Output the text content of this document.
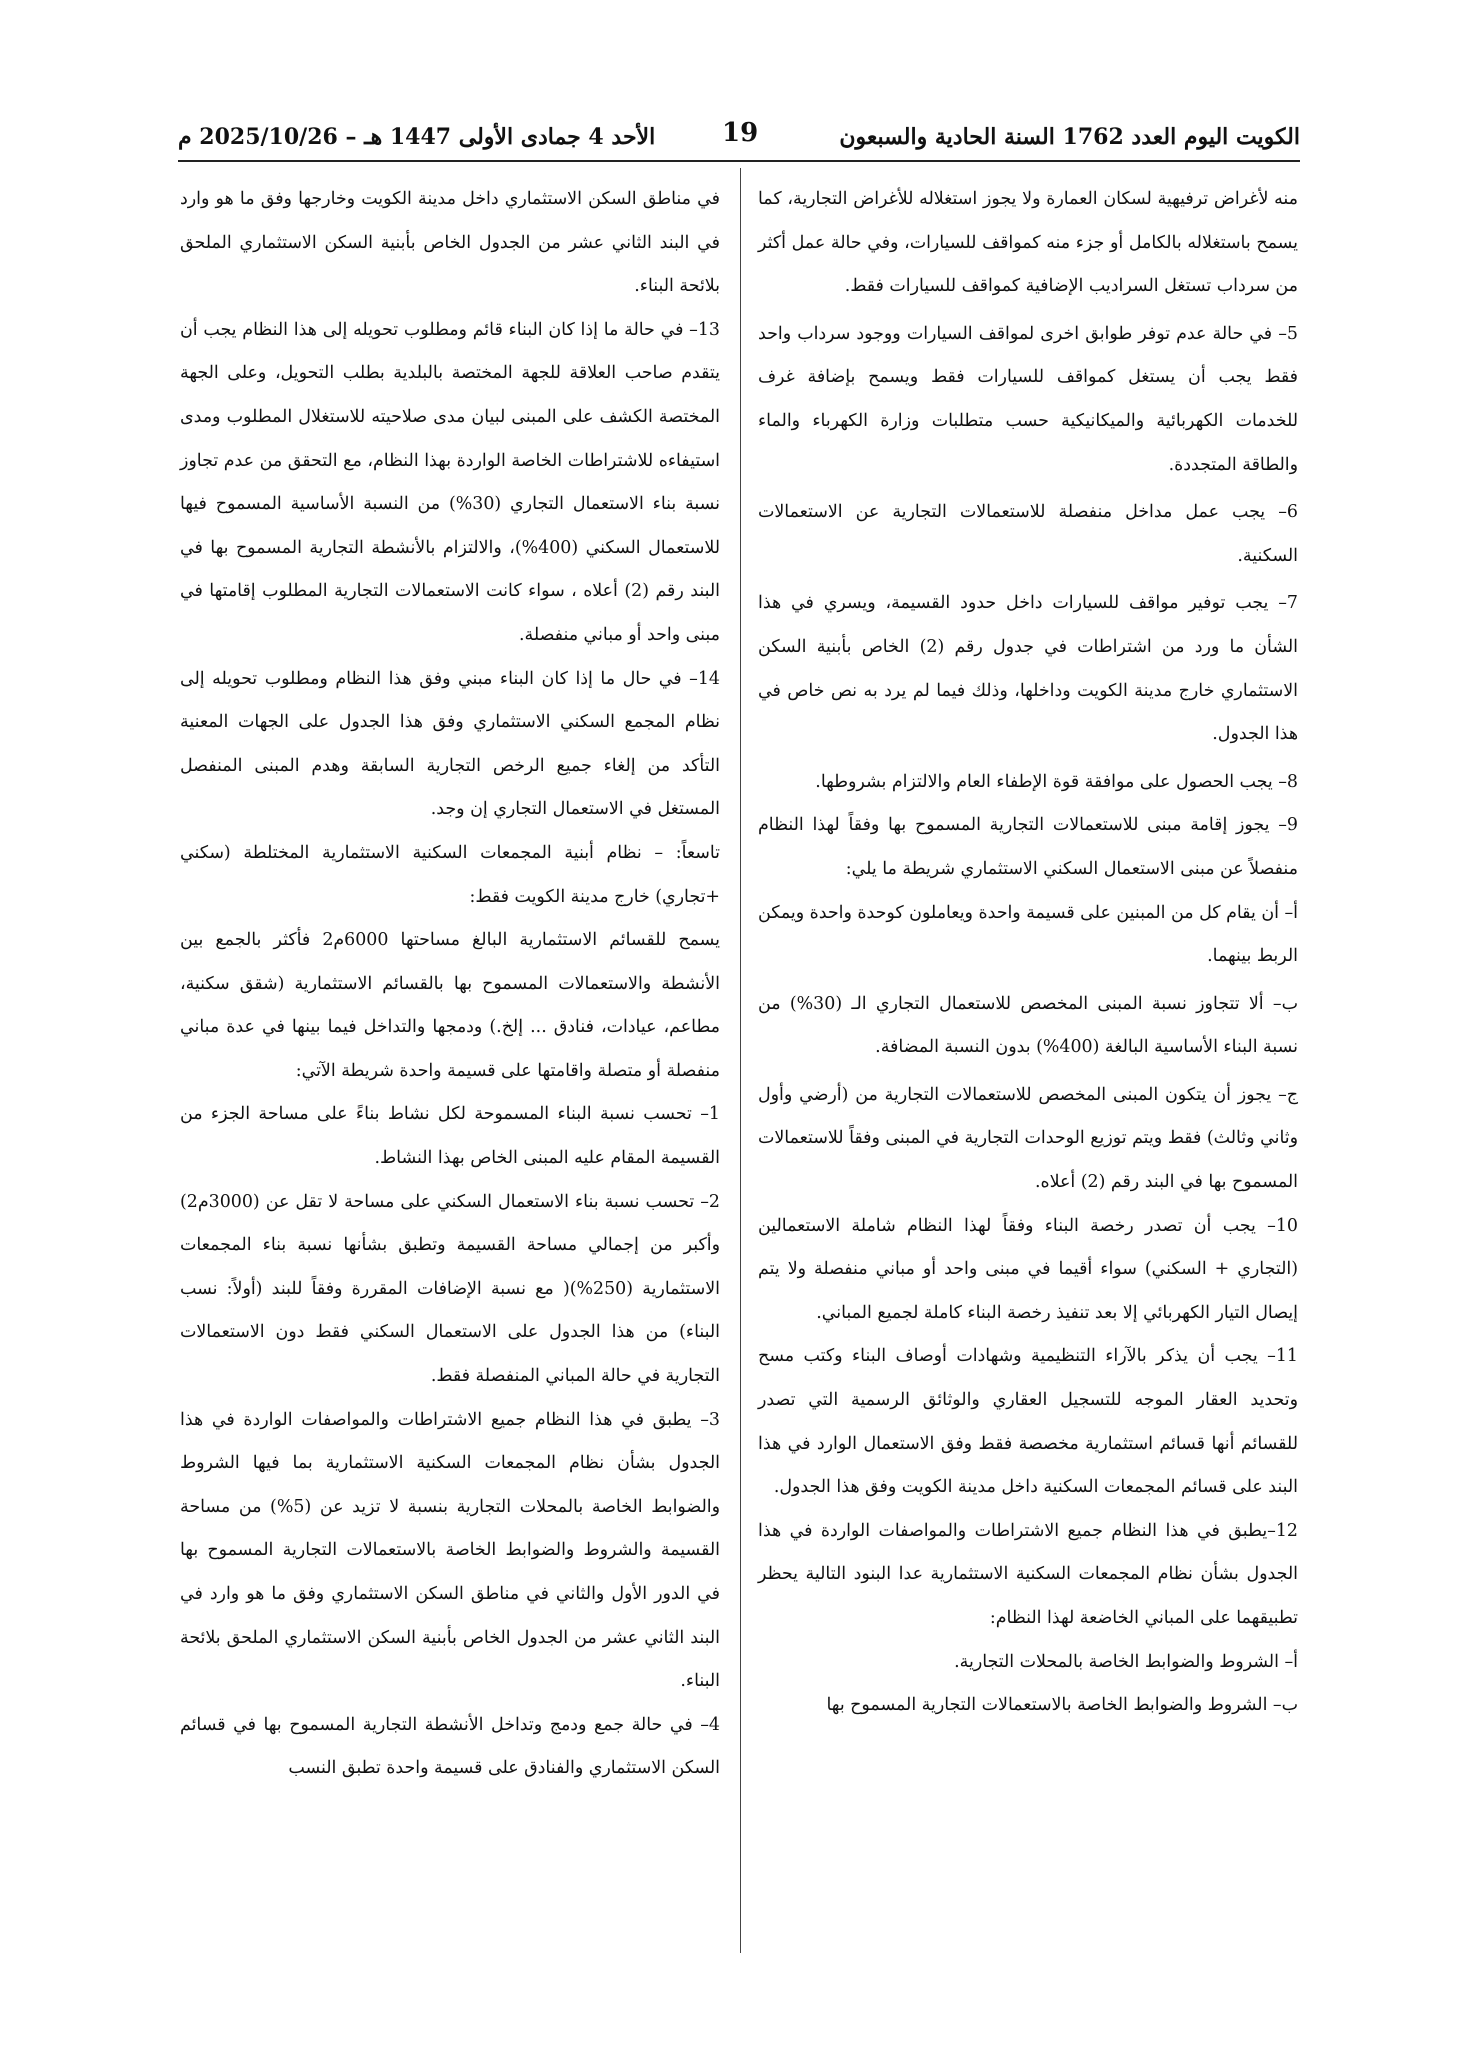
الكويت اليوم العدد 1762 السنة الحادية والسبعون
19
الأحد 4 جمادى الأولى 1447 هـ – 2025/10/26 م

منه لأغراض ترفيهية لسكان العمارة ولا يجوز استغلاله للأغراض التجارية، كما يسمح باستغلاله بالكامل أو جزء منه كمواقف للسيارات، وفي حالة عمل أكثر من سرداب تستغل السراديب الإضافية كمواقف للسيارات فقط.

5– في حالة عدم توفر طوابق اخرى لمواقف السيارات ووجود سرداب واحد فقط يجب أن يستغل كمواقف للسيارات فقط ويسمح بإضافة غرف للخدمات الكهربائية والميكانيكية حسب متطلبات وزارة الكهرباء والماء والطاقة المتجددة.

6– يجب عمل مداخل منفصلة للاستعمالات التجارية عن الاستعمالات السكنية.

7– يجب توفير مواقف للسيارات داخل حدود القسيمة، ويسري في هذا الشأن ما ورد من اشتراطات في جدول رقم (2) الخاص بأبنية السكن الاستثماري خارج مدينة الكويت وداخلها، وذلك فيما لم يرد به نص خاص في هذا الجدول.

8– يجب الحصول على موافقة قوة الإطفاء العام والالتزام بشروطها.

9– يجوز إقامة مبنى للاستعمالات التجارية المسموح بها وفقاً لهذا النظام منفصلاً عن مبنى الاستعمال السكني الاستثماري شريطة ما يلي:

أ– أن يقام كل من المبنين على قسيمة واحدة ويعاملون كوحدة واحدة ويمكن الربط بينهما.

ب– ألا تتجاوز نسبة المبنى المخصص للاستعمال التجاري الـ (30%) من نسبة البناء الأساسية البالغة (400%) بدون النسبة المضافة.

ج– يجوز أن يتكون المبنى المخصص للاستعمالات التجارية من (أرضي وأول وثاني وثالث) فقط ويتم توزيع الوحدات التجارية في المبنى وفقاً للاستعمالات المسموح بها في البند رقم (2) أعلاه.

10– يجب أن تصدر رخصة البناء وفقاً لهذا النظام شاملة الاستعمالين (التجاري + السكني) سواء أقيما في مبنى واحد أو مباني منفصلة ولا يتم إيصال التيار الكهربائي إلا بعد تنفيذ رخصة البناء كاملة لجميع المباني.

11– يجب أن يذكر بالآراء التنظيمية وشهادات أوصاف البناء وكتب مسح وتحديد العقار الموجه للتسجيل العقاري والوثائق الرسمية التي تصدر للقسائم أنها قسائم استثمارية مخصصة فقط وفق الاستعمال الوارد في هذا البند على قسائم المجمعات السكنية داخل مدينة الكويت وفق هذا الجدول.

12–يطبق في هذا النظام جميع الاشتراطات والمواصفات الواردة في هذا الجدول بشأن نظام المجمعات السكنية الاستثمارية عدا البنود التالية يحظر تطبيقهما على المباني الخاضعة لهذا النظام:

أ– الشروط والضوابط الخاصة بالمحلات التجارية.

ب– الشروط والضوابط الخاصة بالاستعمالات التجارية المسموح بها

في مناطق السكن الاستثماري داخل مدينة الكويت وخارجها وفق ما هو وارد في البند الثاني عشر من الجدول الخاص بأبنية السكن الاستثماري الملحق بلائحة البناء.

13– في حالة ما إذا كان البناء قائم ومطلوب تحويله إلى هذا النظام يجب أن يتقدم صاحب العلاقة للجهة المختصة بالبلدية بطلب التحويل، وعلى الجهة المختصة الكشف على المبنى لبيان مدى صلاحيته للاستغلال المطلوب ومدى استيفاءه للاشتراطات الخاصة الواردة بهذا النظام، مع التحقق من عدم تجاوز نسبة بناء الاستعمال التجاري (30%) من النسبة الأساسية المسموح فيها للاستعمال السكني (400%)، والالتزام بالأنشطة التجارية المسموح بها في البند رقم (2) أعلاه ، سواء كانت الاستعمالات التجارية المطلوب إقامتها في مبنى واحد أو مباني منفصلة.

14– في حال ما إذا كان البناء مبني وفق هذا النظام ومطلوب تحويله إلى نظام المجمع السكني الاستثماري وفق هذا الجدول على الجهات المعنية التأكد من إلغاء جميع الرخص التجارية السابقة وهدم المبنى المنفصل المستغل في الاستعمال التجاري إن وجد.

تاسعاً: – نظام أبنية المجمعات السكنية الاستثمارية المختلطة (سكني +تجاري) خارج مدينة الكويت فقط:

يسمح للقسائم الاستثمارية البالغ مساحتها 6000م2 فأكثر بالجمع بين الأنشطة والاستعمالات المسموح بها بالقسائم الاستثمارية (شقق سكنية، مطاعم، عيادات، فنادق ... إلخ.) ودمجها والتداخل فيما بينها في عدة مباني منفصلة أو متصلة واقامتها على قسيمة واحدة شريطة الآتي:

1– تحسب نسبة البناء المسموحة لكل نشاط بناءً على مساحة الجزء من القسيمة المقام عليه المبنى الخاص بهذا النشاط.

2– تحسب نسبة بناء الاستعمال السكني على مساحة لا تقل عن (3000م2) وأكبر من إجمالي مساحة القسيمة وتطبق بشأنها نسبة بناء المجمعات الاستثمارية (250%)( مع نسبة الإضافات المقررة وفقاً للبند (أولاً: نسب البناء) من هذا الجدول على الاستعمال السكني فقط دون الاستعمالات التجارية في حالة المباني المنفصلة فقط.

3– يطبق في هذا النظام جميع الاشتراطات والمواصفات الواردة في هذا الجدول بشأن نظام المجمعات السكنية الاستثمارية بما فيها الشروط والضوابط الخاصة بالمحلات التجارية بنسبة لا تزيد عن (5%) من مساحة القسيمة والشروط والضوابط الخاصة بالاستعمالات التجارية المسموح بها في الدور الأول والثاني في مناطق السكن الاستثماري وفق ما هو وارد في البند الثاني عشر من الجدول الخاص بأبنية السكن الاستثماري الملحق بلائحة البناء.

4– في حالة جمع ودمج وتداخل الأنشطة التجارية المسموح بها في قسائم السكن الاستثماري والفنادق على قسيمة واحدة تطبق النسب
